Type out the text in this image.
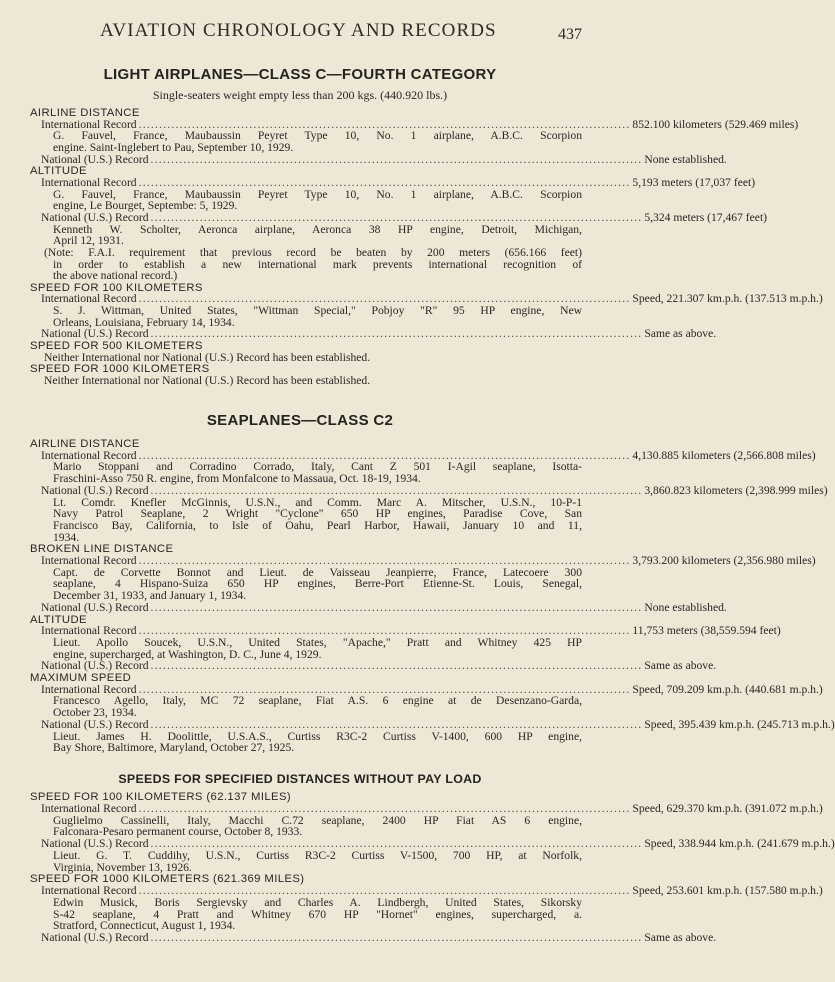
AVIATION CHRONOLOGY AND RECORDS	437
LIGHT AIRPLANES—CLASS C—FOURTH CATEGORY
Single-seaters weight empty less than 200 kgs. (440.920 lbs.)
AIRLINE DISTANCE
International Record ........................................................................................................................ 852.100 kilometers (529.469 miles)
G. Fauvel, France, Maubaussin Peyret Type 10, No. 1 airplane, A.B.C. Scorpion
engine. Saint-Inglebert to Pau, September 10, 1929.
National (U.S.) Record ........................................................................................................................ None established.
ALTITUDE
International Record ........................................................................................................................ 5,193 meters (17,037 feet)
G. Fauvel, France, Maubaussin Peyret Type 10, No. 1 airplane, A.B.C. Scorpion
engine, Le Bourget, Septembe: 5, 1929.
National (U.S.) Record ........................................................................................................................ 5,324 meters (17,467 feet)
Kenneth W. Scholter, Aeronca airplane, Aeronca 38 HP engine, Detroit, Michigan,
April 12, 1931.
(Note: F.A.I. requirement that previous record be beaten by 200 meters (656.166 feet)
in order to establish a new international mark prevents international recognition of
the above national record.)
SPEED FOR 100 KILOMETERS
International Record ........................................................................................................................ Speed, 221.307 km.p.h. (137.513 m.p.h.)
S. J. Wittman, United States, "Wittman Special," Pobjoy "R" 95 HP engine, New
Orleans, Louisiana, February 14, 1934.
National (U.S.) Record ........................................................................................................................ Same as above.
SPEED FOR 500 KILOMETERS
Neither International nor National (U.S.) Record has been established.
SPEED FOR 1000 KILOMETERS
Neither International nor National (U.S.) Record has been established.
SEAPLANES—CLASS C2
AIRLINE DISTANCE
International Record ........................................................................................................................ 4,130.885 kilometers (2,566.808 miles)
Mario Stoppani and Corradino Corrado, Italy, Cant Z 501 I-Agil seaplane, Isotta-
Fraschini-Asso 750 R. engine, from Monfalcone to Massaua, Oct. 18-19, 1934.
National (U.S.) Record ........................................................................................................................ 3,860.823 kilometers (2,398.999 miles)
Lt. Comdr. Knefler McGinnis, U.S.N., and Comm. Marc A. Mitscher, U.S.N., 10-P-1
Navy Patrol Seaplane, 2 Wright "Cyclone" 650 HP engines, Paradise Cove, San
Francisco Bay, California, to Isle of Oahu, Pearl Harbor, Hawaii, January 10 and 11,
1934.
BROKEN LINE DISTANCE
International Record ........................................................................................................................ 3,793.200 kilometers (2,356.980 miles)
Capt. de Corvette Bonnot and Lieut. de Vaisseau Jeanpierre, France, Latecoere 300
seaplane, 4 Hispano-Suiza 650 HP engines, Berre-Port Etienne-St. Louis, Senegal,
December 31, 1933, and January 1, 1934.
National (U.S.) Record ........................................................................................................................ None established.
ALTITUDE
International Record ........................................................................................................................ 11,753 meters (38,559.594 feet)
Lieut. Apollo Soucek, U.S.N., United States, "Apache," Pratt and Whitney 425 HP
engine, supercharged, at Washington, D. C., June 4, 1929.
National (U.S.) Record ........................................................................................................................ Same as above.
MAXIMUM SPEED
International Record ........................................................................................................................ Speed, 709.209 km.p.h. (440.681 m.p.h.)
Francesco Agello, Italy, MC 72 seaplane, Fiat A.S. 6 engine at de Desenzano-Garda,
October 23, 1934.
National (U.S.) Record ........................................................................................................................ Speed, 395.439 km.p.h. (245.713 m.p.h.)
Lieut. James H. Doolittle, U.S.A.S., Curtiss R3C-2 Curtiss V-1400, 600 HP engine,
Bay Shore, Baltimore, Maryland, October 27, 1925.
SPEEDS FOR SPECIFIED DISTANCES WITHOUT PAY LOAD
SPEED FOR 100 KILOMETERS (62.137 MILES)
International Record ........................................................................................................................ Speed, 629.370 km.p.h. (391.072 m.p.h.)
Guglielmo Cassinelli, Italy, Macchi C.72 seaplane, 2400 HP Fiat AS 6 engine,
Falconara-Pesaro permanent course, October 8, 1933.
National (U.S.) Record ........................................................................................................................ Speed, 338.944 km.p.h. (241.679 m.p.h.)
Lieut. G. T. Cuddihy, U.S.N., Curtiss R3C-2 Curtiss V-1500, 700 HP, at Norfolk,
Virginia, November 13, 1926.
SPEED FOR 1000 KILOMETERS (621.369 MILES)
International Record ........................................................................................................................ Speed, 253.601 km.p.h. (157.580 m.p.h.)
Edwin Musick, Boris Sergievsky and Charles A. Lindbergh, United States, Sikorsky
S-42 seaplane, 4 Pratt and Whitney 670 HP "Hornet" engines, supercharged, a.
Stratford, Connecticut, August 1, 1934.
National (U.S.) Record ........................................................................................................................ Same as above.
